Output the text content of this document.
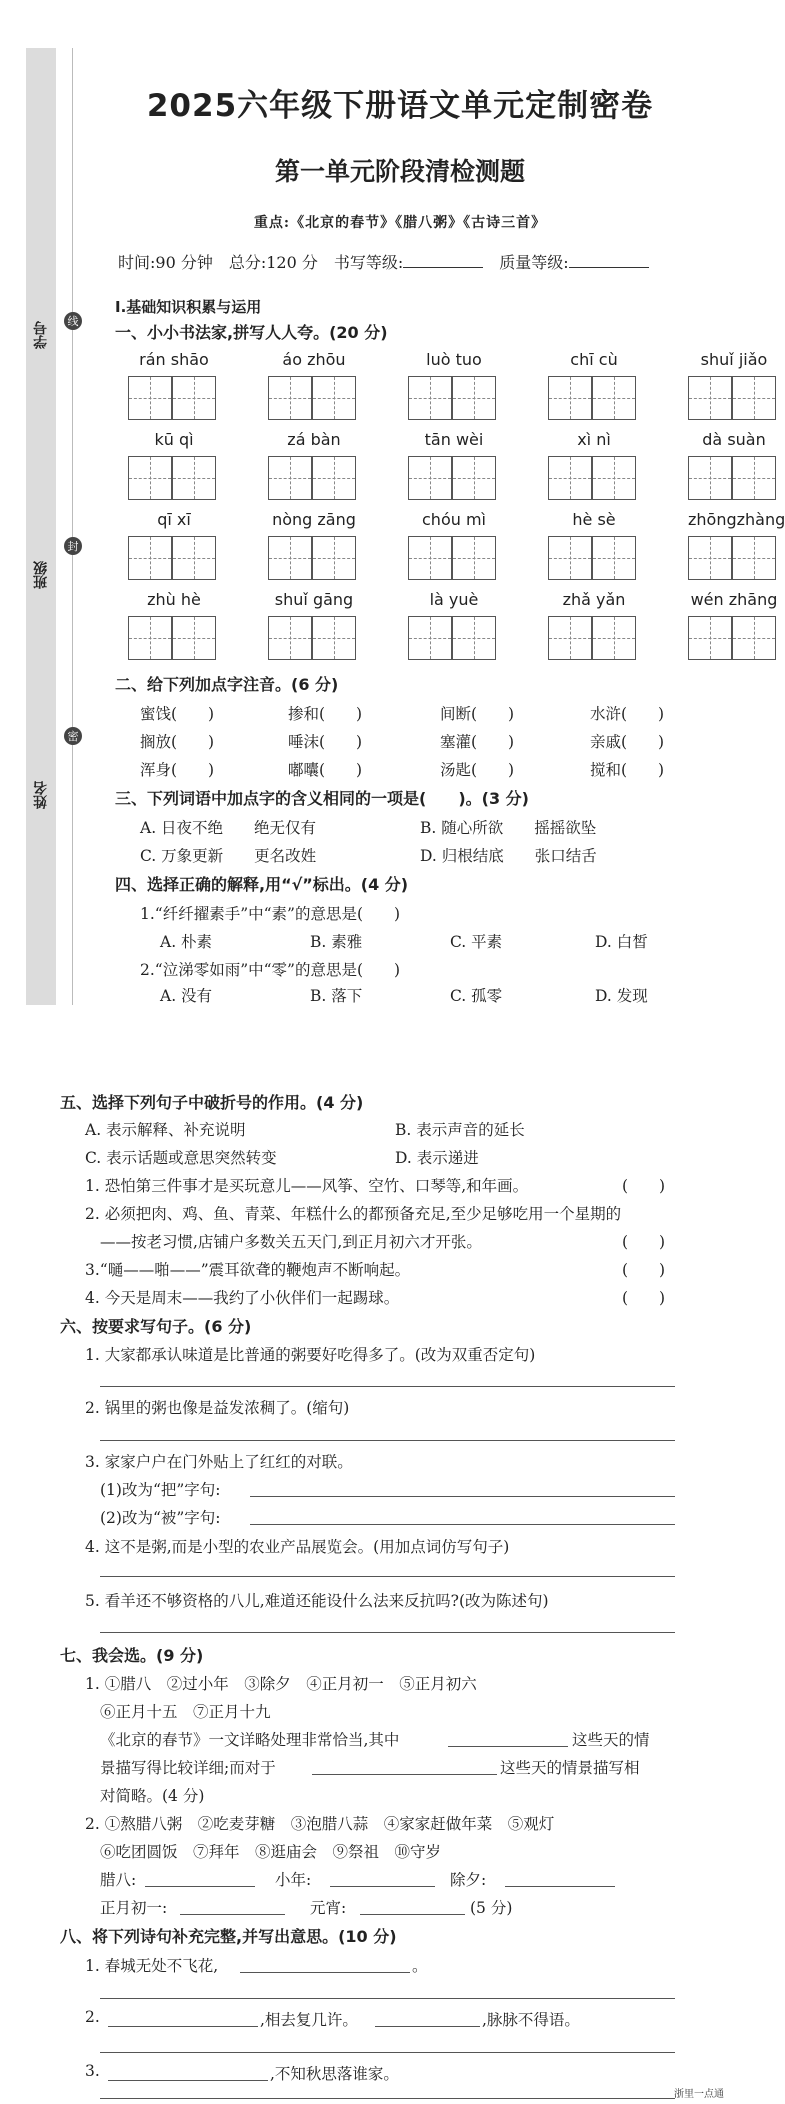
学号
班级
姓名
线
封
密
2025六年级下册语文单元定制密卷
第一单元阶段清检测题
重点:《北京的春节》《腊八粥》《古诗三首》
时间:90 分钟 总分:120 分 书写等级:	质量等级:
Ⅰ.基础知识积累与运用
一、小小书法家,拼写人人夸。(20 分)
rán shāo	áo zhōu	luò tuo	chī cù	shuǐ jiǎo
kū qì	zá bàn	tān wèi	xì nì	dà suàn
qī xī	nòng zāng	chóu mì	hè sè	zhōngzhàng
zhù hè	shuǐ gāng	là yuè	zhǎ yǎn	wén zhāng
二、给下列加点字注音。(6 分)
蜜饯(　　)	掺和(　　)	间断(　　)	水浒(　　)
搁放(　　)	唾沫(　　)	塞灌(　　)	亲戚(　　)
浑身(　　)	嘟囔(　　)	汤匙(　　)	搅和(　　)
三、下列词语中加点字的含义相同的一项是(　　)。(3 分)
A. 日夜不绝　　绝无仅有	B. 随心所欲　　摇摇欲坠
C. 万象更新　　更名改姓	D. 归根结底　　张口结舌
四、选择正确的解释,用“√”标出。(4 分)
1.“纤纤擢素手”中“素”的意思是(　　)
A. 朴素	B. 素雅	C. 平素	D. 白皙
2.“泣涕零如雨”中“零”的意思是(　　)
A. 没有	B. 落下	C. 孤零	D. 发现
五、选择下列句子中破折号的作用。(4 分)
A. 表示解释、补充说明	B. 表示声音的延长
C. 表示话题或意思突然转变	D. 表示递进
1. 恐怕第三件事才是买玩意儿——风筝、空竹、口琴等,和年画。	(　　)
2. 必须把肉、鸡、鱼、青菜、年糕什么的都预备充足,至少足够吃用一个星期的
——按老习惯,店铺户多数关五天门,到正月初六才开张。	(　　)
3.“嗵——啪——”震耳欲聋的鞭炮声不断响起。	(　　)
4. 今天是周末——我约了小伙伴们一起踢球。	(　　)
六、按要求写句子。(6 分)
1. 大家都承认味道是比普通的粥要好吃得多了。(改为双重否定句)
2. 锅里的粥也像是益发浓稠了。(缩句)
3. 家家户户在门外贴上了红红的对联。
(1)改为“把”字句:
(2)改为“被”字句:
4. 这不是粥,而是小型的农业产品展览会。(用加点词仿写句子)
5. 看羊还不够资格的八儿,难道还能设什么法来反抗吗?(改为陈述句)
七、我会选。(9 分)
1. ①腊八　②过小年　③除夕　④正月初一　⑤正月初六
⑥正月十五　⑦正月十九
《北京的春节》一文详略处理非常恰当,其中	这些天的情
景描写得比较详细;而对于	这些天的情景描写相
对简略。(4 分)
2. ①熬腊八粥　②吃麦芽糖　③泡腊八蒜　④家家赶做年菜　⑤观灯
⑥吃团圆饭　⑦拜年　⑧逛庙会　⑨祭祖　⑩守岁
腊八:	小年:	除夕:
正月初一:	元宵:	(5 分)
八、将下列诗句补充完整,并写出意思。(10 分)
1. 春城无处不飞花,	。
2.	,相去复几许。	,脉脉不得语。
3.	,不知秋思落谁家。
浙里一点通
